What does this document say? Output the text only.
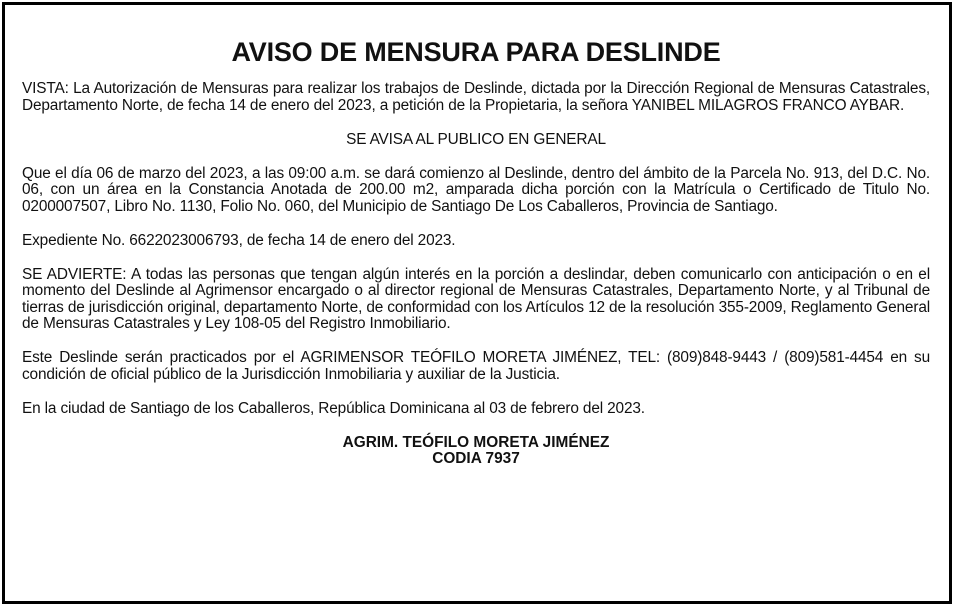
AVISO DE MENSURA PARA DESLINDE

VISTA: La Autorización de Mensuras para realizar los trabajos de Deslinde, dictada por la Dirección Regional de Mensuras Catastrales, Departamento Norte, de fecha 14 de enero del 2023, a petición de la Propietaria, la señora YANIBEL MILAGROS FRANCO AYBAR.

SE AVISA AL PUBLICO EN GENERAL

Que el día 06 de marzo del 2023, a las 09:00 a.m. se dará comienzo al Deslinde, dentro del ámbito de la Parcela No. 913, del D.C. No. 06, con un área en la Constancia Anotada de 200.00 m2, amparada dicha porción con la Matrícula o Certificado de Titulo No. 0200007507, Libro No. 1130, Folio No. 060, del Municipio de Santiago De Los Caballeros, Provincia de Santiago.

Expediente No. 6622023006793, de fecha 14 de enero del 2023.

SE ADVIERTE: A todas las personas que tengan algún interés en la porción a deslindar, deben comunicarlo con anticipación o en el momento del Deslinde al Agrimensor encargado o al director regional de Mensuras Catastrales, Departamento Norte, y al Tribunal de tierras de jurisdicción original, departamento Norte, de conformidad con los Artículos 12 de la resolución 355-2009, Reglamento General de Mensuras Catastrales y Ley 108-05 del Registro Inmobiliario.

Este Deslinde serán practicados por el AGRIMENSOR TEÓFILO MORETA JIMÉNEZ, TEL: (809)848-9443 / (809)581-4454 en su condición de oficial público de la Jurisdicción Inmobiliaria y auxiliar de la Justicia.

En la ciudad de Santiago de los Caballeros, República Dominicana al 03 de febrero del 2023.

AGRIM. TEÓFILO MORETA JIMÉNEZ

CODIA 7937
